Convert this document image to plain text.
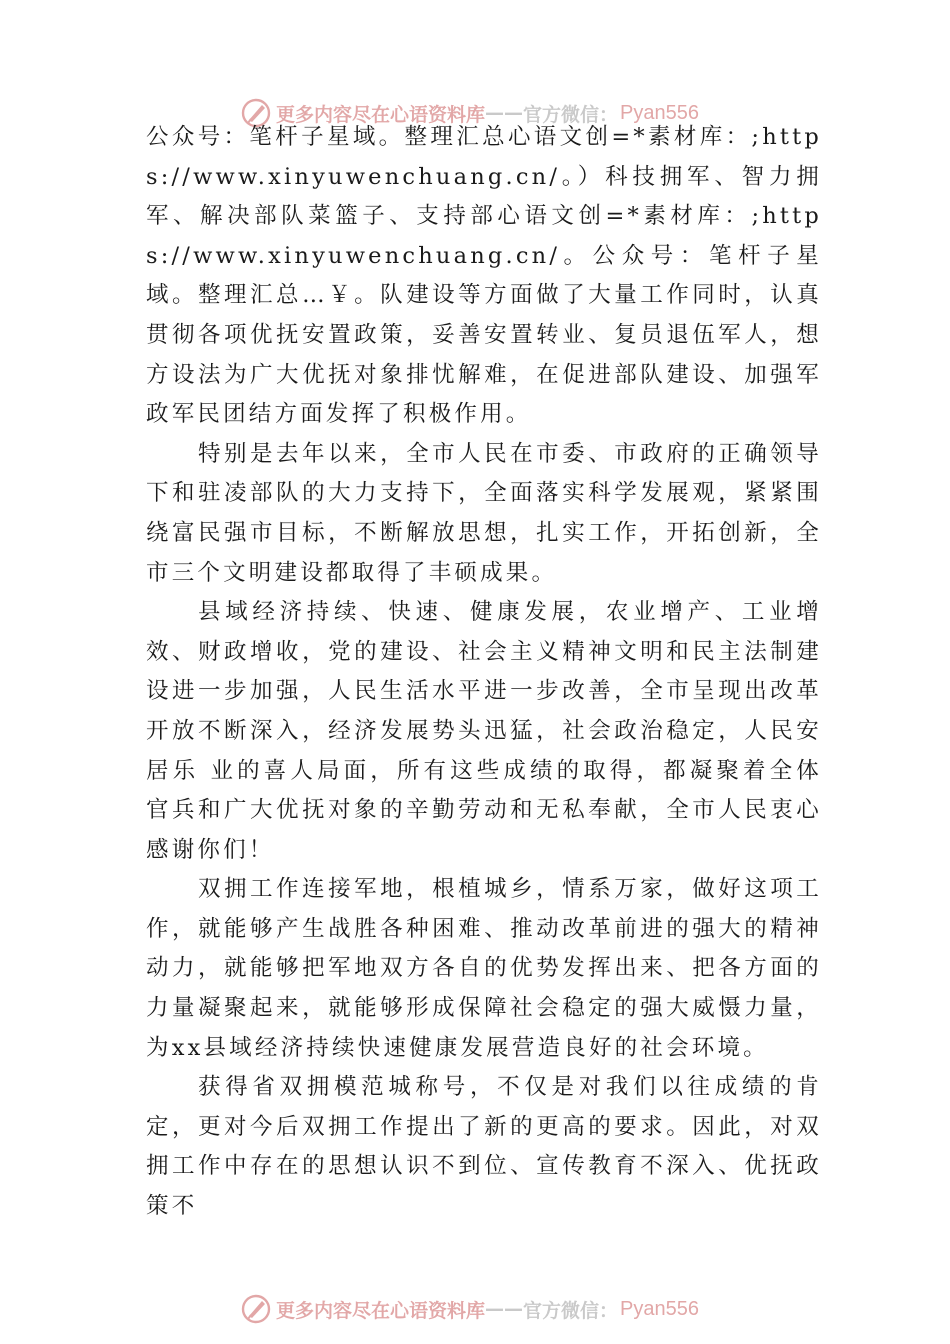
更多内容尽在心语资料库 —— 官方微信： Pyan556

公众号：笔杆子星域。整理汇总心语文创=*素材库：;https://www.xinyuwenchuang.cn/。）科技拥军、智力拥军、解决部队菜篮子、支持部心语文创=*素材库：;https://www.xinyuwenchuang.cn/。公众号：笔杆子星域。整理汇总…￥。队建设等方面做了大量工作同时，认真贯彻各项优抚安置政策，妥善安置转业、复员退伍军人，想方设法为广大优抚对象排忧解难，在促进部队建设、加强军政军民团结方面发挥了积极作用。

特别是去年以来，全市人民在市委、市政府的正确领导下和驻凌部队的大力支持下，全面落实科学发展观，紧紧围绕富民强市目标，不断解放思想，扎实工作，开拓创新，全市三个文明建设都取得了丰硕成果。

县域经济持续、快速、健康发展，农业增产、工业增效、财政增收，党的建设、社会主义精神文明和民主法制建设进一步加强，人民生活水平进一步改善，全市呈现出改革开放不断深入，经济发展势头迅猛，社会政治稳定，人民安居乐 业的喜人局面，所有这些成绩的取得，都凝聚着全体官兵和广大优抚对象的辛勤劳动和无私奉献，全市人民衷心感谢你们！

双拥工作连接军地，根植城乡，情系万家，做好这项工作，就能够产生战胜各种困难、推动改革前进的强大的精神动力，就能够把军地双方各自的优势发挥出来、把各方面的力量凝聚起来，就能够形成保障社会稳定的强大威慑力量， 为xx县域经济持续快速健康发展营造良好的社会环境。

获得省双拥模范城称号，不仅是对我们以往成绩的肯定，更对今后双拥工作提出了新的更高的要求。因此，对双拥工作中存在的思想认识不到位、宣传教育不深入、优抚政策不

更多内容尽在心语资料库 —— 官方微信： Pyan556
